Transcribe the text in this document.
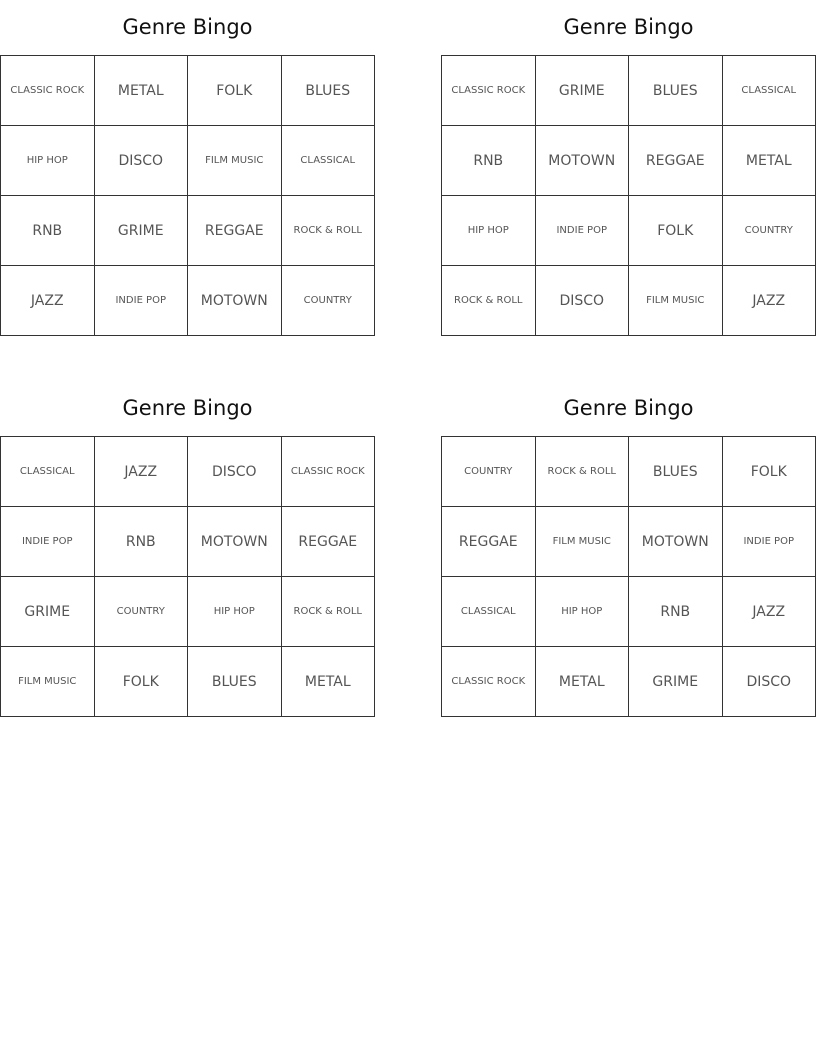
Genre Bingo
CLASSIC ROCK	METAL	FOLK	BLUES
HIP HOP	DISCO	FILM MUSIC	CLASSICAL
RNB	GRIME	REGGAE	ROCK & ROLL
JAZZ	INDIE POP	MOTOWN	COUNTRY
Genre Bingo
CLASSIC ROCK	GRIME	BLUES	CLASSICAL
RNB	MOTOWN	REGGAE	METAL
HIP HOP	INDIE POP	FOLK	COUNTRY
ROCK & ROLL	DISCO	FILM MUSIC	JAZZ
Genre Bingo
CLASSICAL	JAZZ	DISCO	CLASSIC ROCK
INDIE POP	RNB	MOTOWN	REGGAE
GRIME	COUNTRY	HIP HOP	ROCK & ROLL
FILM MUSIC	FOLK	BLUES	METAL
Genre Bingo
COUNTRY	ROCK & ROLL	BLUES	FOLK
REGGAE	FILM MUSIC	MOTOWN	INDIE POP
CLASSICAL	HIP HOP	RNB	JAZZ
CLASSIC ROCK	METAL	GRIME	DISCO
